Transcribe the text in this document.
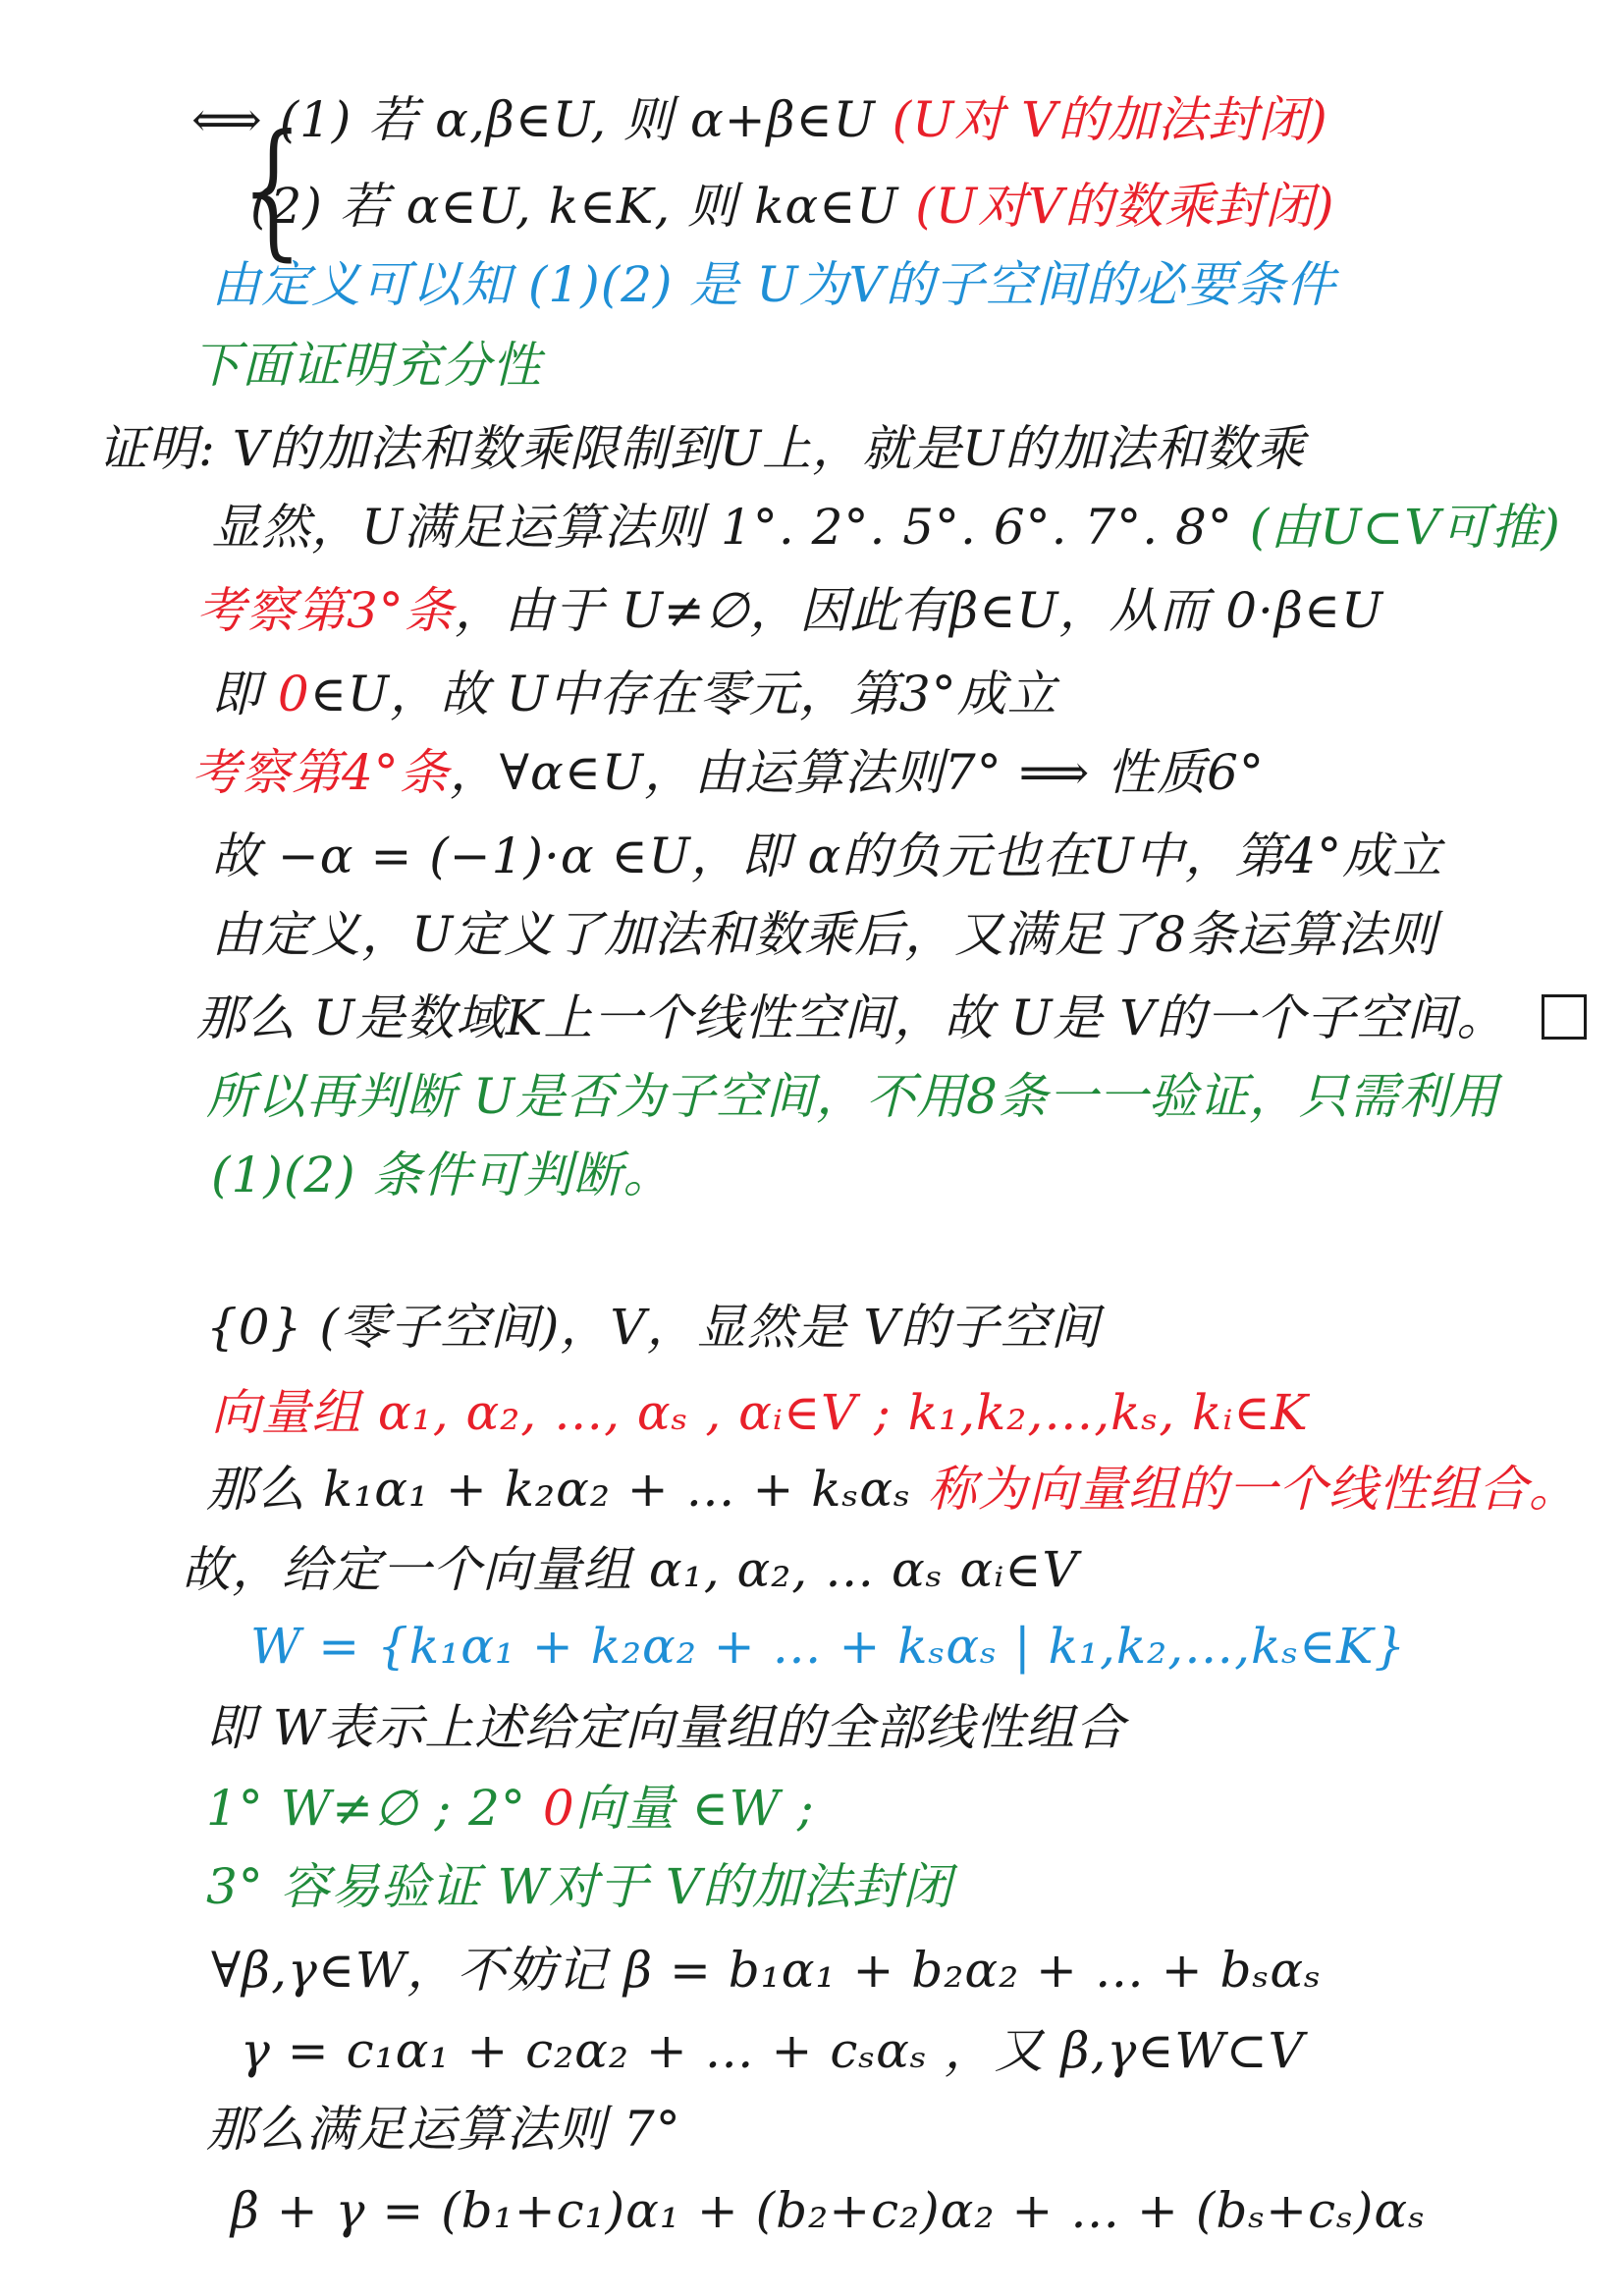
{
⟺ (1) 若 α,β∈U, 则 α+β∈U (U对 V的加法封闭)
(2) 若 α∈U, k∈K, 则 kα∈U (U对V的数乘封闭)
由定义可以知 (1)(2) 是 U为V的子空间的必要条件
下面证明充分性
证明: V的加法和数乘限制到U上，就是U的加法和数乘
显然，U满足运算法则 1°. 2°. 5°. 6°. 7°. 8° (由U⊂V可推)
考察第3°条，由于 U≠∅，因此有β∈U，从而 0·β∈U
即 0∈U，故 U中存在零元，第3°成立
考察第4°条，∀α∈U，由运算法则7° ⟹ 性质6°
故 −α = (−1)·α ∈U，即 α的负元也在U中，第4°成立
由定义，U定义了加法和数乘后，又满足了8条运算法则
那么 U是数域K上一个线性空间，故 U是 V的一个子空间。
所以再判断 U是否为子空间，不用8条一一验证，只需利用
(1)(2) 条件可判断。
{0} (零子空间)，V，显然是 V的子空间
向量组 α₁, α₂, …, αₛ , αᵢ∈V ; k₁,k₂,…,kₛ, kᵢ∈K
那么 k₁α₁ + k₂α₂ + … + kₛαₛ 称为向量组的一个线性组合。
故，给定一个向量组 α₁, α₂, … αₛ αᵢ∈V
W = {k₁α₁ + k₂α₂ + … + kₛαₛ | k₁,k₂,…,kₛ∈K}
即 W表示上述给定向量组的全部线性组合
1° W≠∅ ; 2° 0向量 ∈W ;
3° 容易验证 W对于 V的加法封闭
∀β,γ∈W，不妨记 β = b₁α₁ + b₂α₂ + … + bₛαₛ
γ = c₁α₁ + c₂α₂ + … + cₛαₛ ，又 β,γ∈W⊂V
那么满足运算法则 7°
β + γ = (b₁+c₁)α₁ + (b₂+c₂)α₂ + … + (bₛ+cₛ)αₛ
